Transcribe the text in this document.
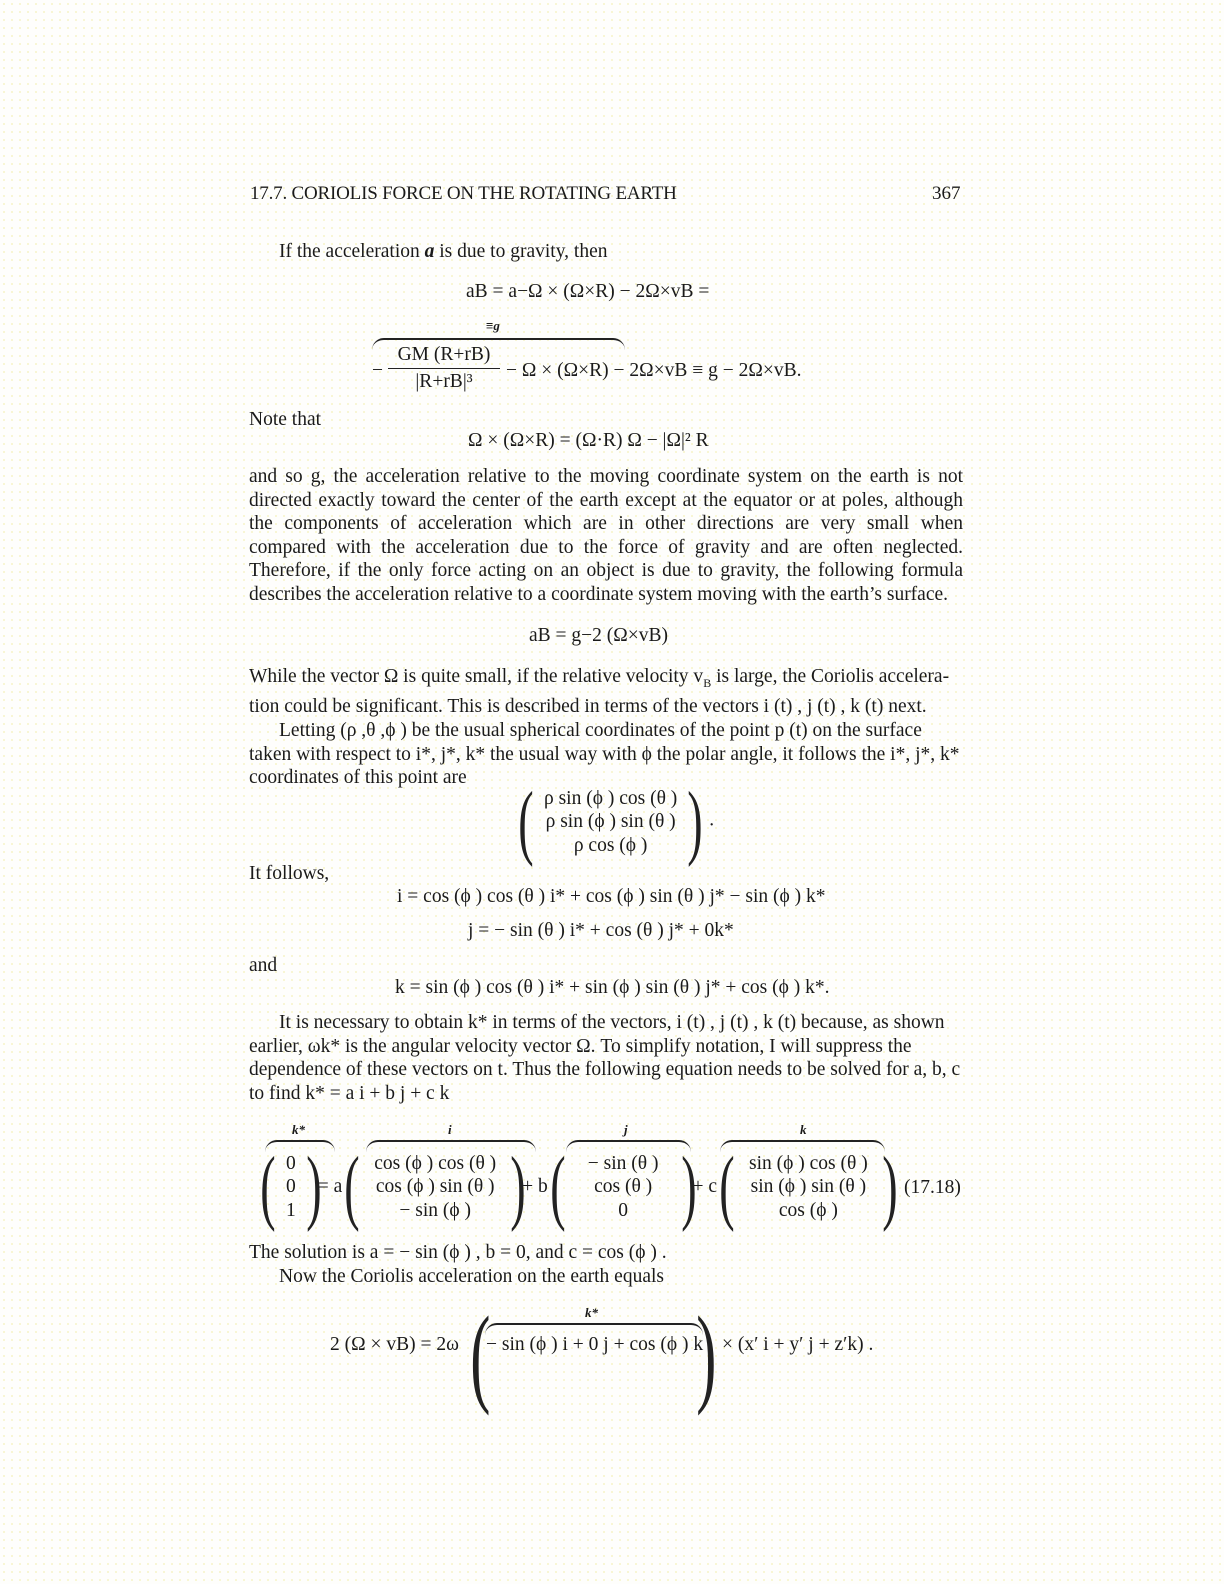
17.7. CORIOLIS FORCE ON THE ROTATING EARTH	367
If the acceleration a is due to gravity, then
aB = a−Ω × (Ω×R) − 2Ω×vB =
≡g
− $\frac{GM (R+rB)}{\text{|R+rB|³}} - \Omega \times (\Omega\times R) - 2\Omega\times vB \equiv g - 2\Omega\times vB$.
Note that
Ω × (Ω×R) = (Ω·R) Ω − |Ω|² R
and so g, the acceleration relative to the moving coordinate system on the earth is not directed exactly toward the center of the earth except at the equator or at poles, although the components of acceleration which are in other directions are very small when compared with the acceleration due to the force of gravity and are often neglected. Therefore, if the only force acting on an object is due to gravity, the following formula describes the acceleration relative to a coordinate system moving with the earth’s surface.
aB = g−2 (Ω×vB)
While the vector Ω is quite small, if the relative velocity $v_B$ is large, the Coriolis accelera-
tion could be significant. This is described in terms of the vectors i (t) , j (t) , k (t) next.
Letting (ρ ,θ ,ϕ ) be the usual spherical coordinates of the point p (t) on the surface
taken with respect to i*, j*, k* the usual way with ϕ the polar angle, it follows the i*, j*, k*
coordinates of this point are ( ρ sin (ϕ ) cos (θ )
ρ sin (ϕ ) sin (θ )
ρ cos (ϕ ) ) .
It follows,
i = cos (ϕ ) cos (θ ) i* + cos (ϕ ) sin (θ ) j* − sin (ϕ ) k*
j = − sin (θ ) i* + cos (θ ) j* + 0k*
and
k = sin (ϕ ) cos (θ ) i* + sin (ϕ ) sin (θ ) j* + cos (ϕ ) k*.
It is necessary to obtain k* in terms of the vectors, i (t) , j (t) , k (t) because, as shown
earlier, ωk* is the angular velocity vector Ω. To simplify notation, I will suppress the
dependence of these vectors on t. Thus the following equation needs to be solved for a, b, c
to find k* = a i + b j + c k
k*	i	j	k
( 0
0
1 ) = a ( cos (ϕ ) cos (θ )
cos (ϕ ) sin (θ )
− sin (ϕ ) ) + b ( − sin (θ )
cos (θ )
0 ) + c ( sin (ϕ ) cos (θ )
sin (ϕ ) sin (θ )
cos (ϕ ) ) (17.18)
The solution is a = − sin (ϕ ) , b = 0, and c = cos (ϕ ) .
Now the Coriolis acceleration on the earth equals
2 (Ω × vB) = 2ω (	k*
− sin (ϕ ) i + 0 j + cos (ϕ ) k
) × (x′ i + y′ j + z′k) .
